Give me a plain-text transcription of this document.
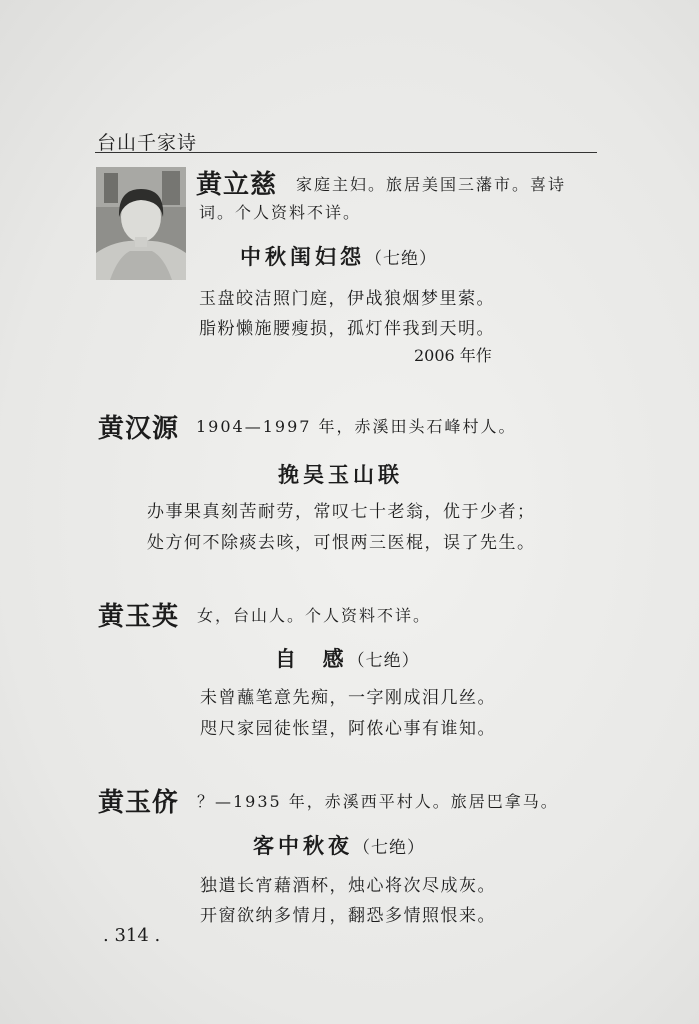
台山千家诗
黄立慈 家庭主妇。旅居美国三藩市。喜诗
词。个人资料不详。
中秋闺妇怨（七绝）
玉盘皎洁照门庭，伊战狼烟梦里萦。
脂粉懒施腰瘦损，孤灯伴我到天明。
2006 年作
黄汉源 1904—1997 年，赤溪田头石峰村人。
挽吴玉山联
办事果真刻苦耐劳，常叹七十老翁，优于少者；
处方何不除痰去咳，可恨两三医棍，误了先生。
黄玉英 女，台山人。个人资料不详。
自  感（七绝）
未曾蘸笔意先痴，一字刚成泪几丝。
咫尺家园徒怅望，阿侬心事有谁知。
黄玉侪 ？—1935 年，赤溪西平村人。旅居巴拿马。
客中秋夜（七绝）
独遣长宵藉酒杯，烛心将次尽成灰。
开窗欲纳多情月，翻恐多情照恨来。
. 314 .
